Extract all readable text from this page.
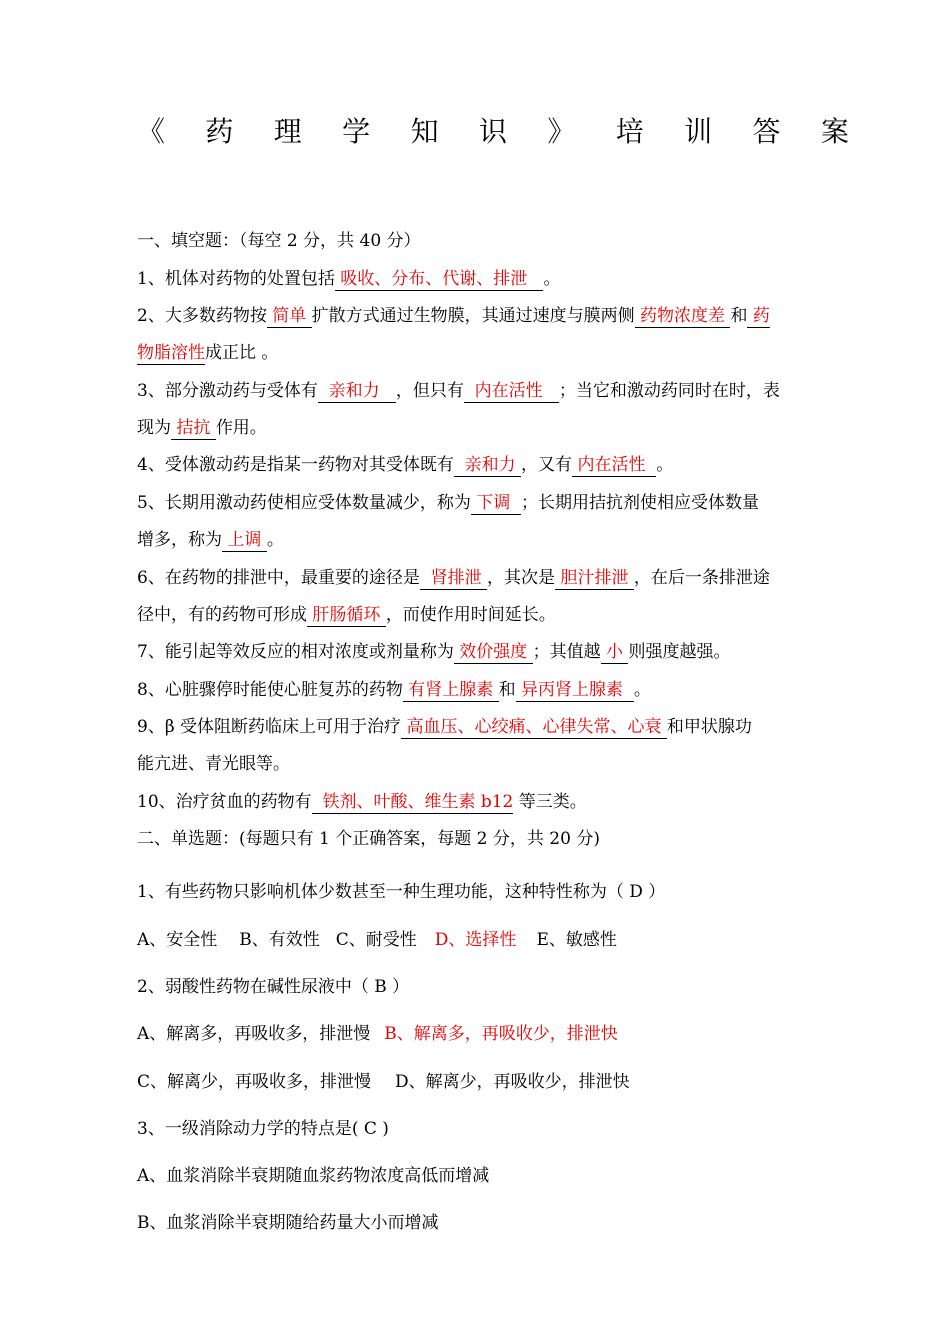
《 药 理 学 知 识 》 培 训 答 案
一、填空题：（每空 2 分，共 40 分）
1、机体对药物的处置包括 吸收、分布、代谢、排泄 。
2、大多数药物按 简单 扩散方式通过生物膜，其通过速度与膜两侧 药物浓度差 和 药
物脂溶性成正比 。
3、部分激动药与受体有 亲和力 ，但只有 内在活性 ；当它和激动药同时在时，表
现为 拮抗 作用。
4、受体激动药是指某一药物对其受体既有 亲和力 ，又有 内在活性 。
5、长期用激动药使相应受体数量减少，称为 下调 ；长期用拮抗剂使相应受体数量
增多，称为 上调 。
6、在药物的排泄中，最重要的途径是 肾排泄 ，其次是 胆汁排泄 ，在后一条排泄途
径中，有的药物可形成 肝肠循环 ，而使作用时间延长。
7、能引起等效反应的相对浓度或剂量称为 效价强度 ；其值越 小 则强度越强。
8、心脏骤停时能使心脏复苏的药物 有肾上腺素 和 异丙肾上腺素 。
9、β 受体阻断药临床上可用于治疗 高血压、心绞痛、心律失常、心衰 和甲状腺功
能亢进、青光眼等。
10、治疗贫血的药物有 铁剂、叶酸、维生素 b12 等三类。
二、单选题：(每题只有 1 个正确答案，每题 2 分，共 20 分)
1、有些药物只影响机体少数甚至一种生理功能，这种特性称为（ D ）
A、安全性 B、有效性 C、耐受性 D、选择性 E、敏感性
2、弱酸性药物在碱性尿液中（ B ）
A、解离多，再吸收多，排泄慢 B、解离多，再吸收少，排泄快
C、解离少，再吸收多，排泄慢 D、解离少，再吸收少，排泄快
3、一级消除动力学的特点是( C )
A、血浆消除半衰期随血浆药物浓度高低而增减
B、血浆消除半衰期随给药量大小而增减
